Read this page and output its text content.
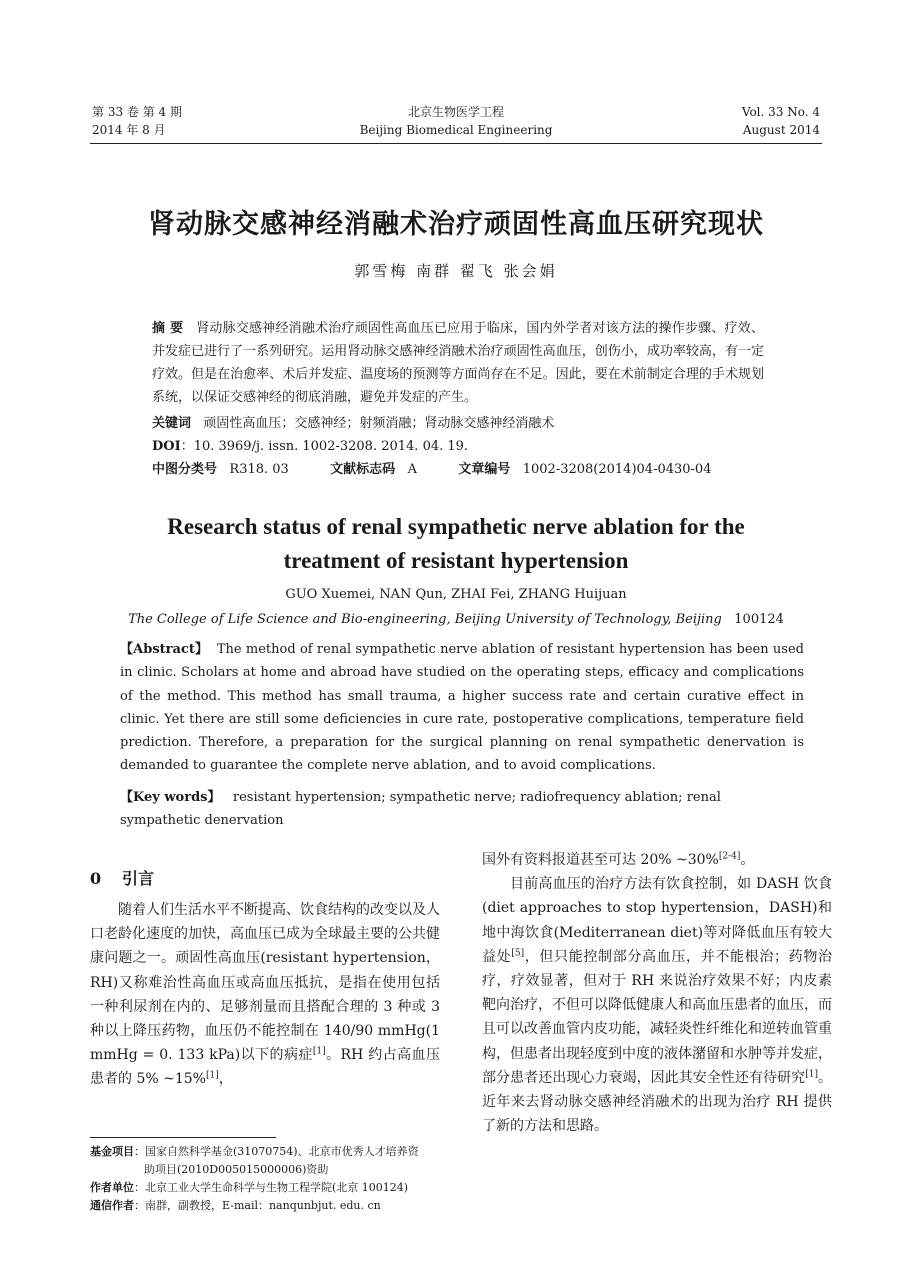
第 33 卷 第 4 期
2014 年 8 月
北京生物医学工程
Beijing Biomedical Engineering
Vol. 33 No. 4
August 2014
肾动脉交感神经消融术治疗顽固性高血压研究现状
郭雪梅 南群 翟飞 张会娟
摘 要 肾动脉交感神经消融术治疗顽固性高血压已应用于临床，国内外学者对该方法的操作步骤、疗效、并发症已进行了一系列研究。运用肾动脉交感神经消融术治疗顽固性高血压，创伤小，成功率较高，有一定疗效。但是在治愈率、术后并发症、温度场的预测等方面尚存在不足。因此，要在术前制定合理的手术规划系统，以保证交感神经的彻底消融，避免并发症的产生。
关键词 顽固性高血压；交感神经；射频消融；肾动脉交感神经消融术
DOI：10. 3969/j. issn. 1002-3208. 2014. 04. 19.
中图分类号 R318. 03	文献标志码 A	文章编号 1002-3208(2014)04-0430-04
Research status of renal sympathetic nerve ablation for the
treatment of resistant hypertension
GUO Xuemei, NAN Qun, ZHAI Fei, ZHANG Huijuan
The College of Life Science and Bio-engineering, Beijing University of Technology, Beijing 100124
【Abstract】 The method of renal sympathetic nerve ablation of resistant hypertension has been used in clinic. Scholars at home and abroad have studied on the operating steps, efficacy and complications of the method. This method has small trauma, a higher success rate and certain curative effect in clinic. Yet there are still some deficiencies in cure rate, postoperative complications, temperature field prediction. Therefore, a preparation for the surgical planning on renal sympathetic denervation is demanded to guarantee the complete nerve ablation, and to avoid complications.
【Key words】 resistant hypertension; sympathetic nerve; radiofrequency ablation; renal sympathetic denervation
0 引言

随着人们生活水平不断提高、饮食结构的改变以及人口老龄化速度的加快，高血压已成为全球最主要的公共健康问题之一。顽固性高血压(resistant hypertension，RH)又称难治性高血压或高血压抵抗，是指在使用包括一种利尿剂在内的、足够剂量而且搭配合理的 3 种或 3 种以上降压药物，血压仍不能控制在 140/90 mmHg(1 mmHg = 0. 133 kPa)以下的病症[1]。RH 约占高血压患者的 5% ~15%[1]，

国外有资料报道甚至可达 20% ~30%[2-4]。

目前高血压的治疗方法有饮食控制，如 DASH 饮食(diet approaches to stop hypertension，DASH)和地中海饮食(Mediterranean diet)等对降低血压有较大益处[5]，但只能控制部分高血压，并不能根治；药物治疗，疗效显著，但对于 RH 来说治疗效果不好；内皮素靶向治疗，不但可以降低健康人和高血压患者的血压，而且可以改善血管内皮功能，减轻炎性纤维化和逆转血管重构，但患者出现轻度到中度的液体潴留和水肿等并发症，部分患者还出现心力衰竭，因此其安全性还有待研究[1]。近年来去肾动脉交感神经消融术的出现为治疗 RH 提供了新的方法和思路。

基金项目：国家自然科学基金(31070754)、北京市优秀人才培养资
助项目(2010D005015000006)资助
作者单位：北京工业大学生命科学与生物工程学院(北京 100124)
通信作者：南群，副教授，E-mail：nanqunbjut. edu. cn
